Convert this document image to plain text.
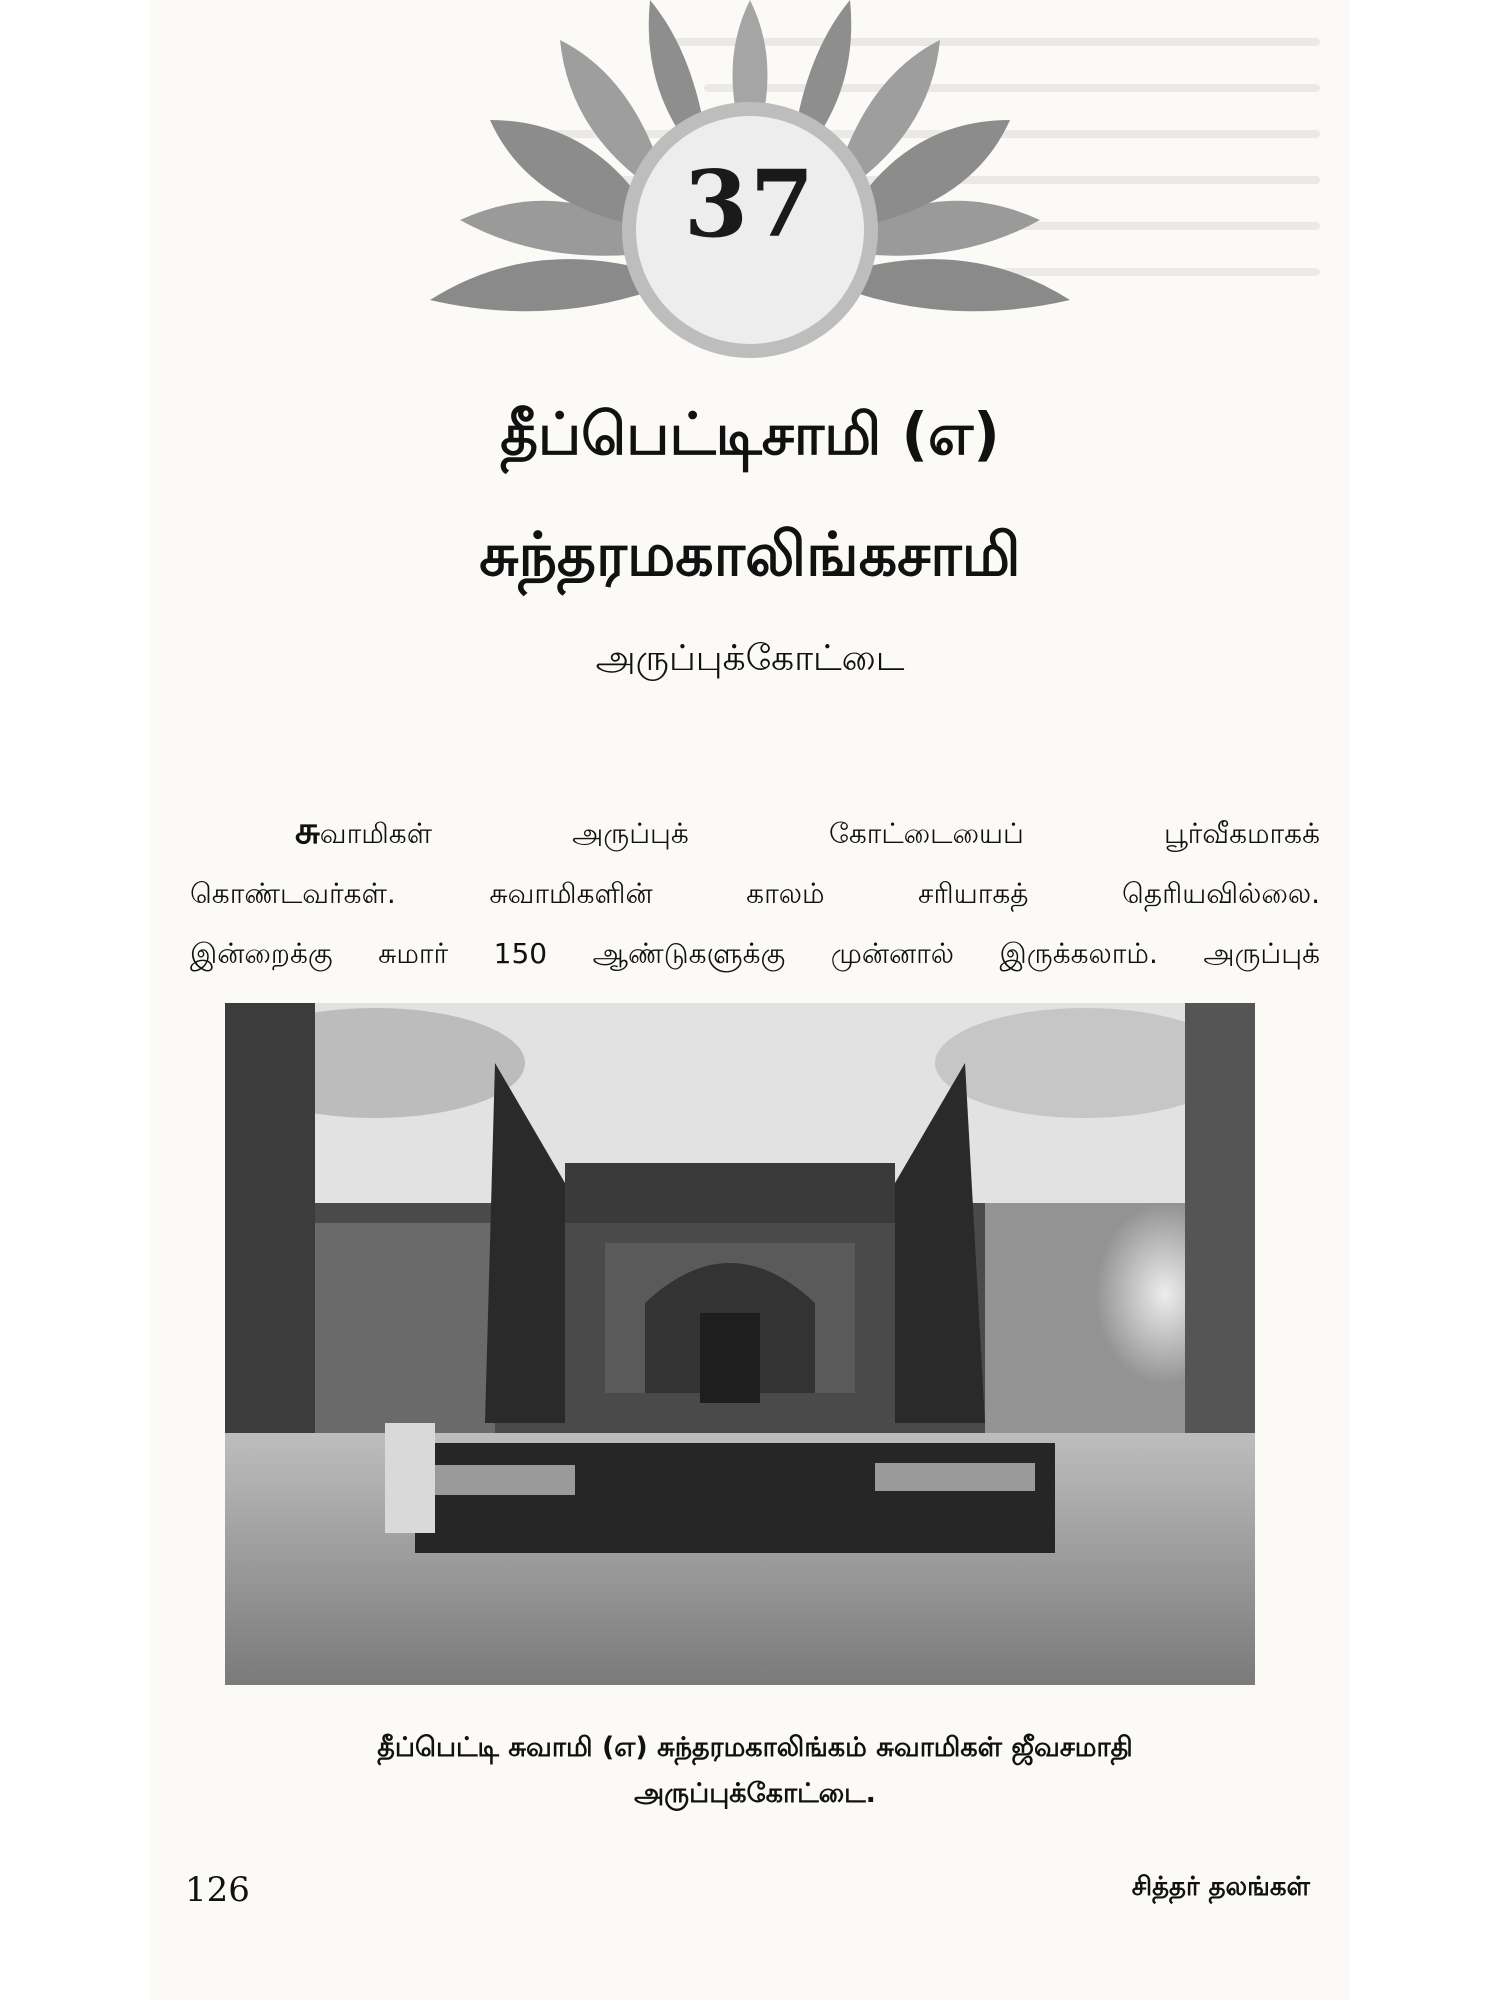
37
தீப்பெட்டிசாமி (எ)
சுந்தரமகாலிங்கசாமி
அருப்புக்கோட்டை
சுவாமிகள் அருப்புக் கோட்டையைப் பூர்வீகமாகக்
கொண்டவர்கள். சுவாமிகளின் காலம் சரியாகத் தெரியவில்லை.
இன்றைக்கு சுமார் 150 ஆண்டுகளுக்கு முன்னால் இருக்கலாம். அருப்புக்
தீப்பெட்டி சுவாமி (எ) சுந்தரமகாலிங்கம் சுவாமிகள் ஜீவசமாதி
அருப்புக்கோட்டை.
126	சித்தர் தலங்கள்
